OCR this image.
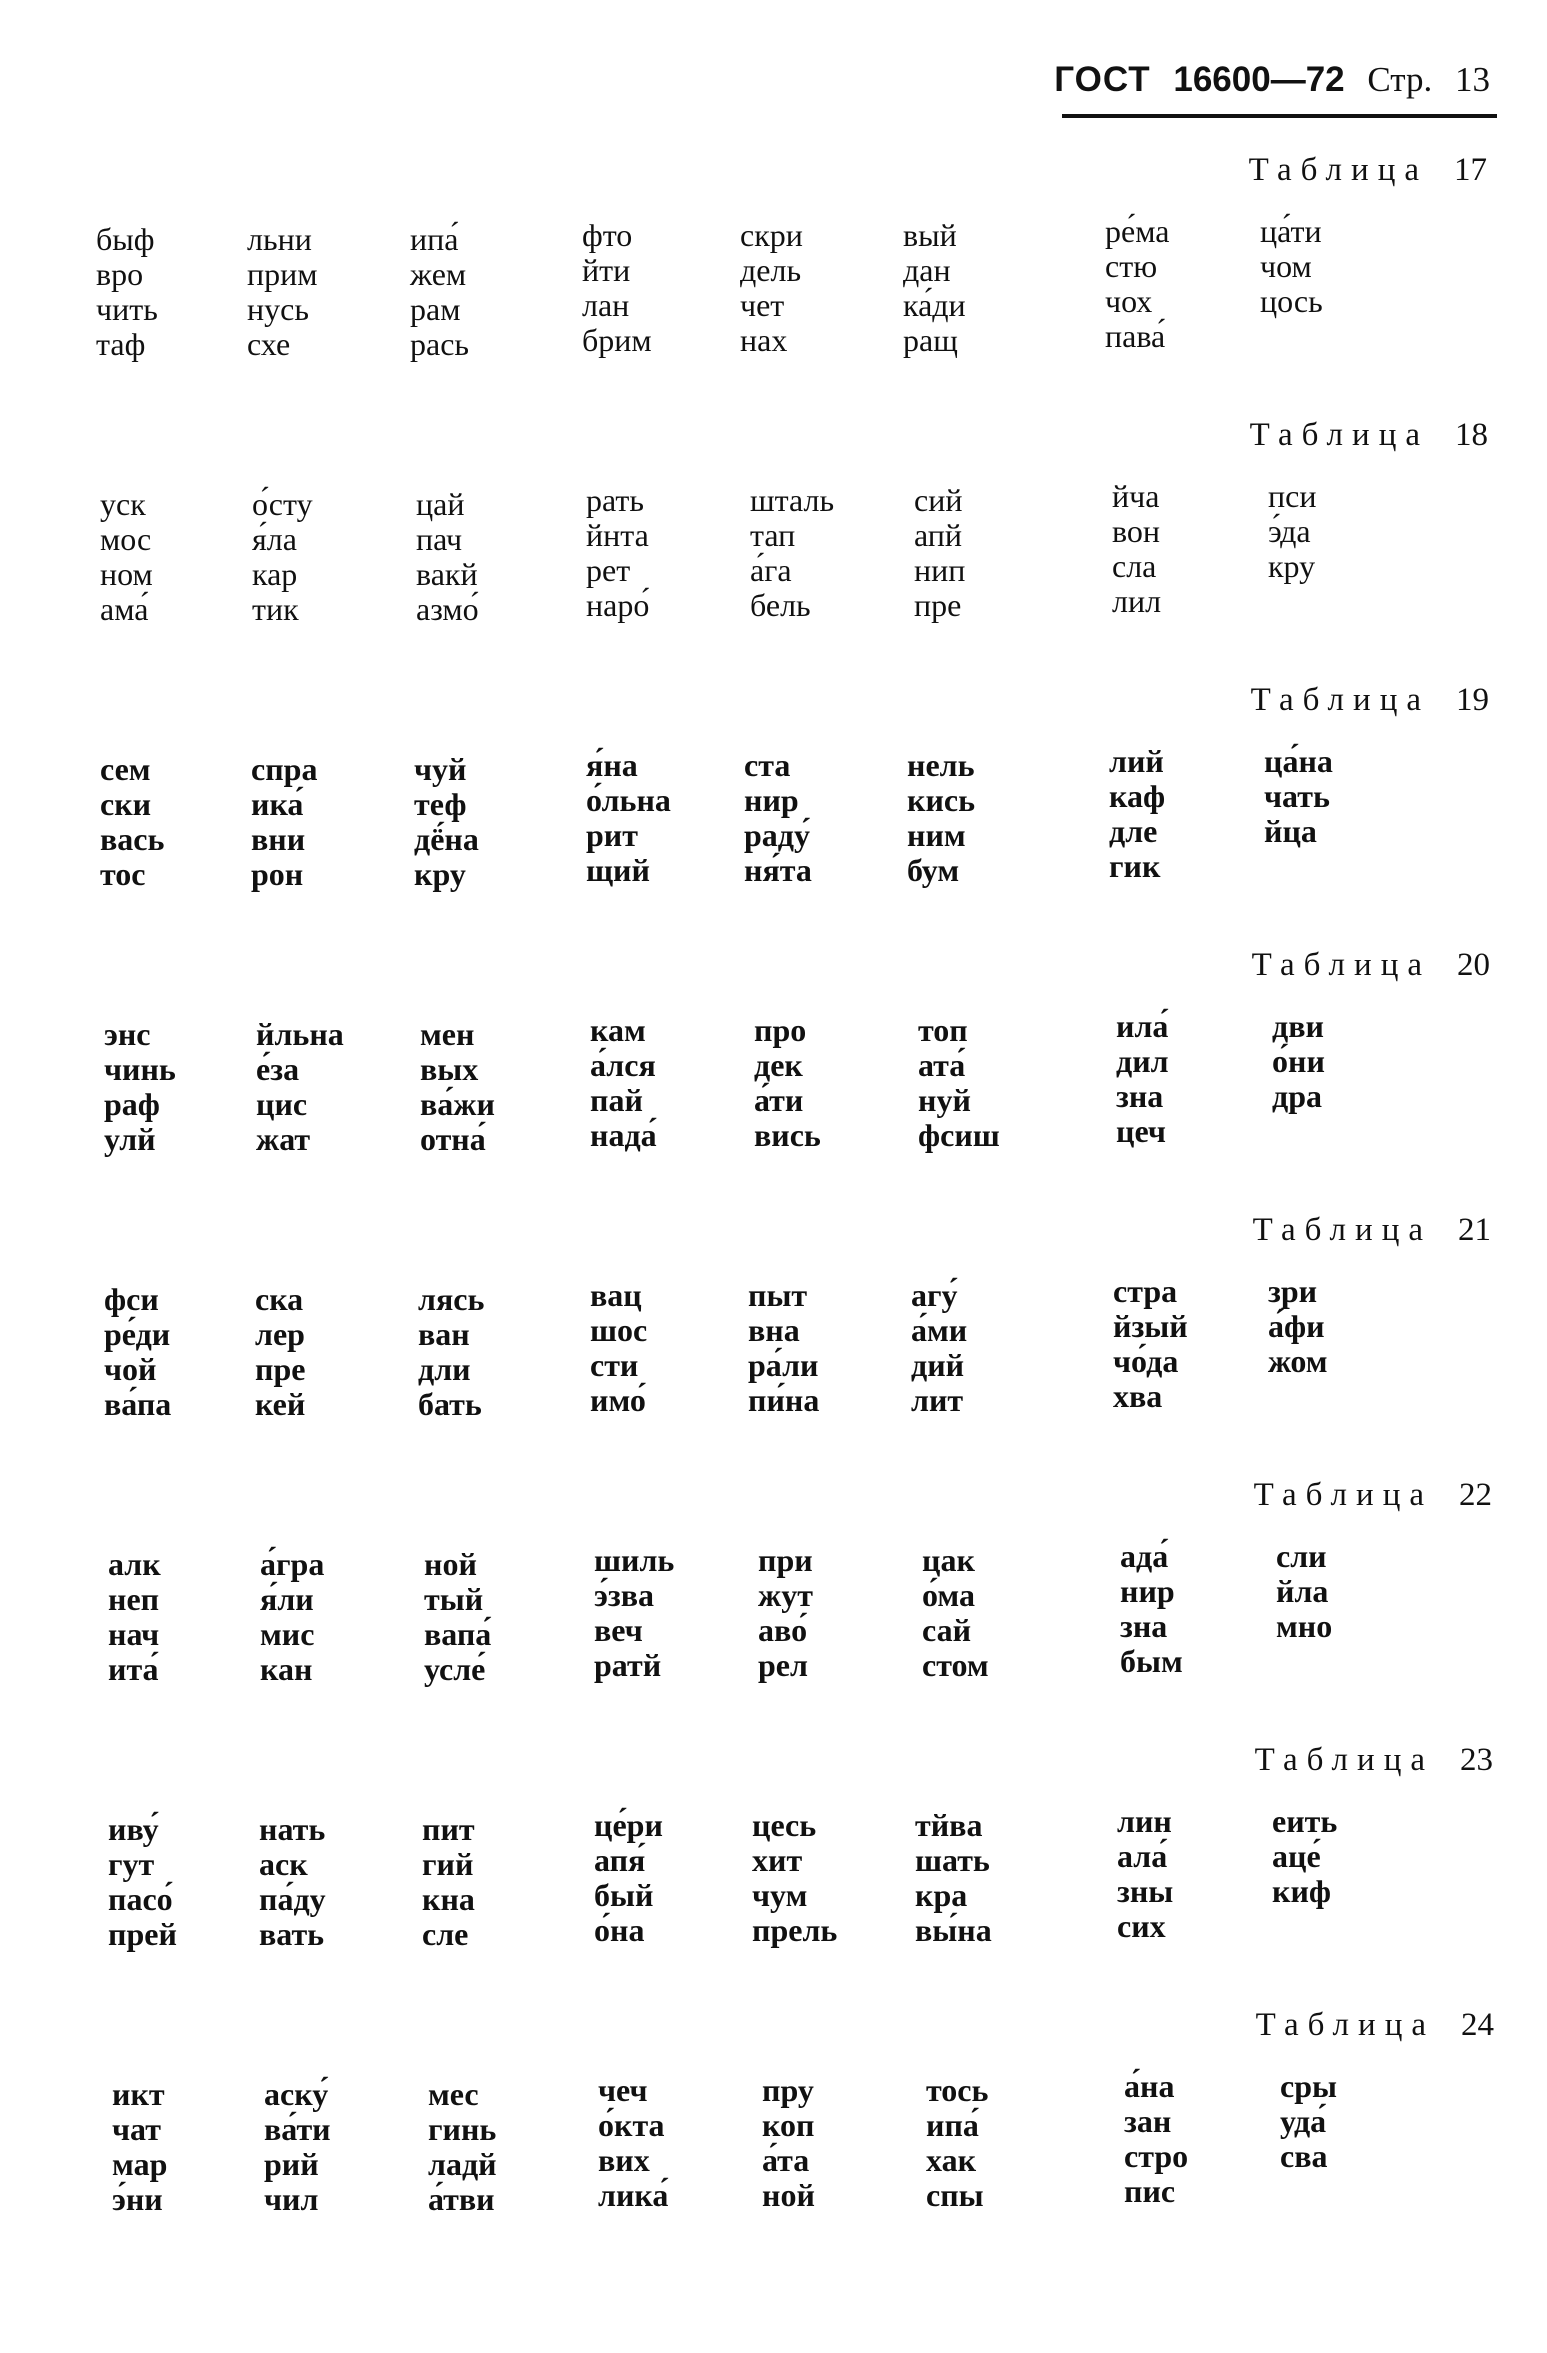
ГОСТ 16600—72 Стр. 13
Таблица 17
быф
вро
чить
таф
льни
прим
нусь
схе
ипа́
жем
рам
рась
фто
йти
лан
брим
скри
дель
чет
нах
вый
дан
ка́ди
ращ
ре́ма
стю
чох
пава́
ца́ти
чом
цось
Таблица 18
уск
мос
ном
ама́
о́сту
я́ла
кар
тик
цай
пач
вакй
азмо́
рать
йнта
рет
наро́
шталь
тап
а́га
бель
сий
апй
нип
пре
йча
вон
сла
лил
пси
э́да
кру
Таблица 19
сем
ски
вась
тос
спра
ика́
вни
рон
чуй
теф
дё́на
кру
я́на
о́льна
рит
щий
ста
нир
раду́
ня́та
нель
кись
ним
бум
лий
каф
дле
гик
ца́на
чать
йца
Таблица 20
энс
чинь
раф
улй
йльна
е́за
цис
жат
мен
вых
ва́жи
отна́
кам
а́лся
пай
нада́
про
дек
а́ти
вись
топ
ата́
нуй
фсиш
ила́
дил
зна
цеч
дви
о́ни
дра
Таблица 21
фси
ре́ди
чой
ва́па
ска
лер
пре
кей
лясь
ван
дли
бать
вац
шос
сти
имо́
пыт
вна
ра́ли
пи́на
агу́
а́ми
дий
лит
стра
йзый
чо́да
хва
зри
а́фи
жом
Таблица 22
алк
неп
нач
ита́
а́гра
я́ли
мис
кан
ной
тый
вапа́
усле́
шиль
э́зва
веч
ратй
при
жут
аво́
рел
цак
о́ма
сай
стом
ада́
нир
зна
бым
сли
йла
мно
Таблица 23
иву́
гут
пасо́
прей
нать
аск
па́ду
вать
пит
гий
кна
сле
це́ри
апя́
бый
о́на
цесь
хит
чум
прель
тйва
шать
кра
вы́на
лин
ала́
зны
сих
еить
аце́
киф
Таблица 24
икт
чат
мар
э́ни
аску́
ва́ти
рий
чил
мес
гинь
ладй
а́тви
чеч
о́кта
вих
лика́
пру
коп
а́та
ной
тось
ипа́
хак
спы
а́на
зан
стро
пис
сры
уда́
сва
